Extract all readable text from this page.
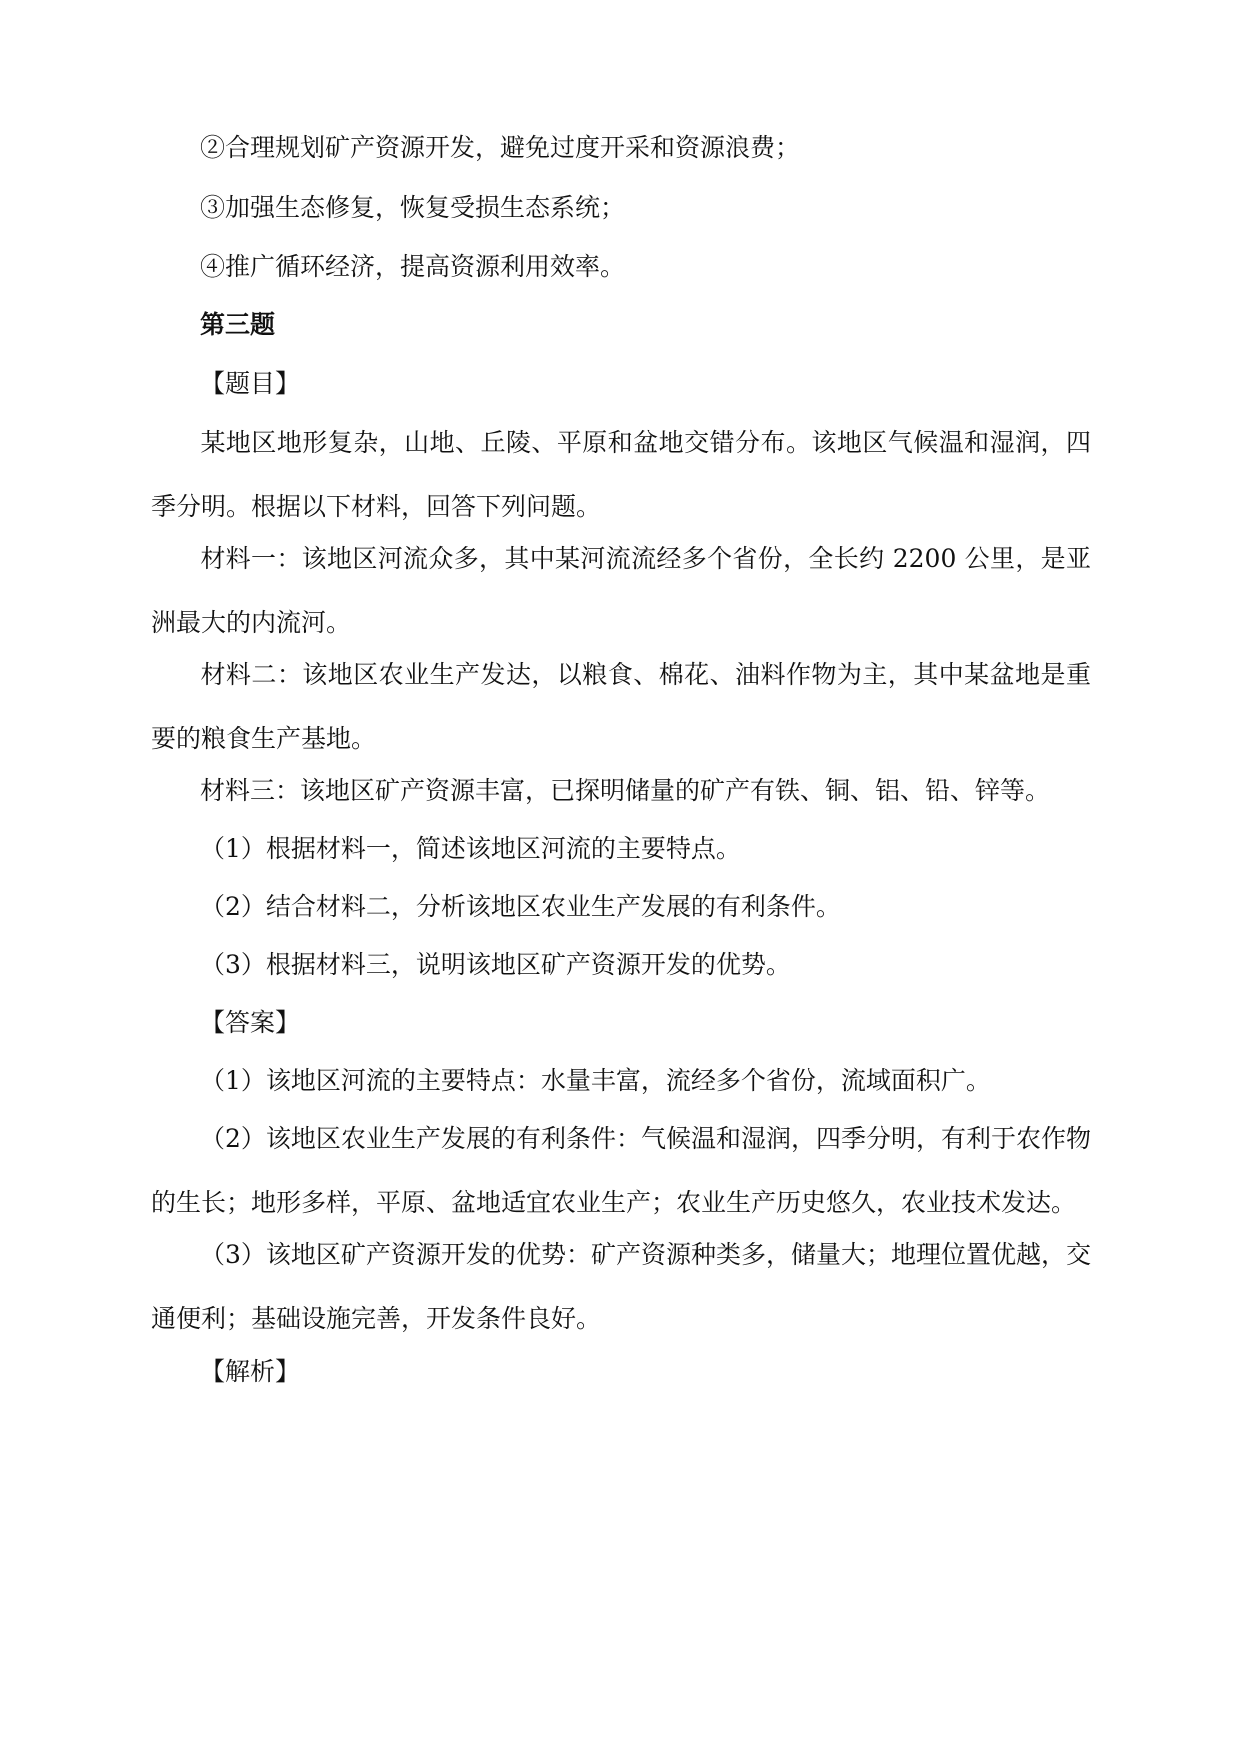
②合理规划矿产资源开发，避免过度开采和资源浪费；

③加强生态修复，恢复受损生态系统；

④推广循环经济，提高资源利用效率。

第三题

【题目】

某地区地形复杂，山地、丘陵、平原和盆地交错分布。该地区气候温和湿润，四季分明。根据以下材料，回答下列问题。

材料一：该地区河流众多，其中某河流流经多个省份，全长约 2200 公里，是亚洲最大的内流河。

材料二：该地区农业生产发达，以粮食、棉花、油料作物为主，其中某盆地是重要的粮食生产基地。

材料三：该地区矿产资源丰富，已探明储量的矿产有铁、铜、铝、铅、锌等。

（1）根据材料一，简述该地区河流的主要特点。

（2）结合材料二，分析该地区农业生产发展的有利条件。

（3）根据材料三，说明该地区矿产资源开发的优势。

【答案】

（1）该地区河流的主要特点：水量丰富，流经多个省份，流域面积广。

（2）该地区农业生产发展的有利条件：气候温和湿润，四季分明，有利于农作物的生长；地形多样，平原、盆地适宜农业生产；农业生产历史悠久，农业技术发达。

（3）该地区矿产资源开发的优势：矿产资源种类多，储量大；地理位置优越，交通便利；基础设施完善，开发条件良好。

【解析】
